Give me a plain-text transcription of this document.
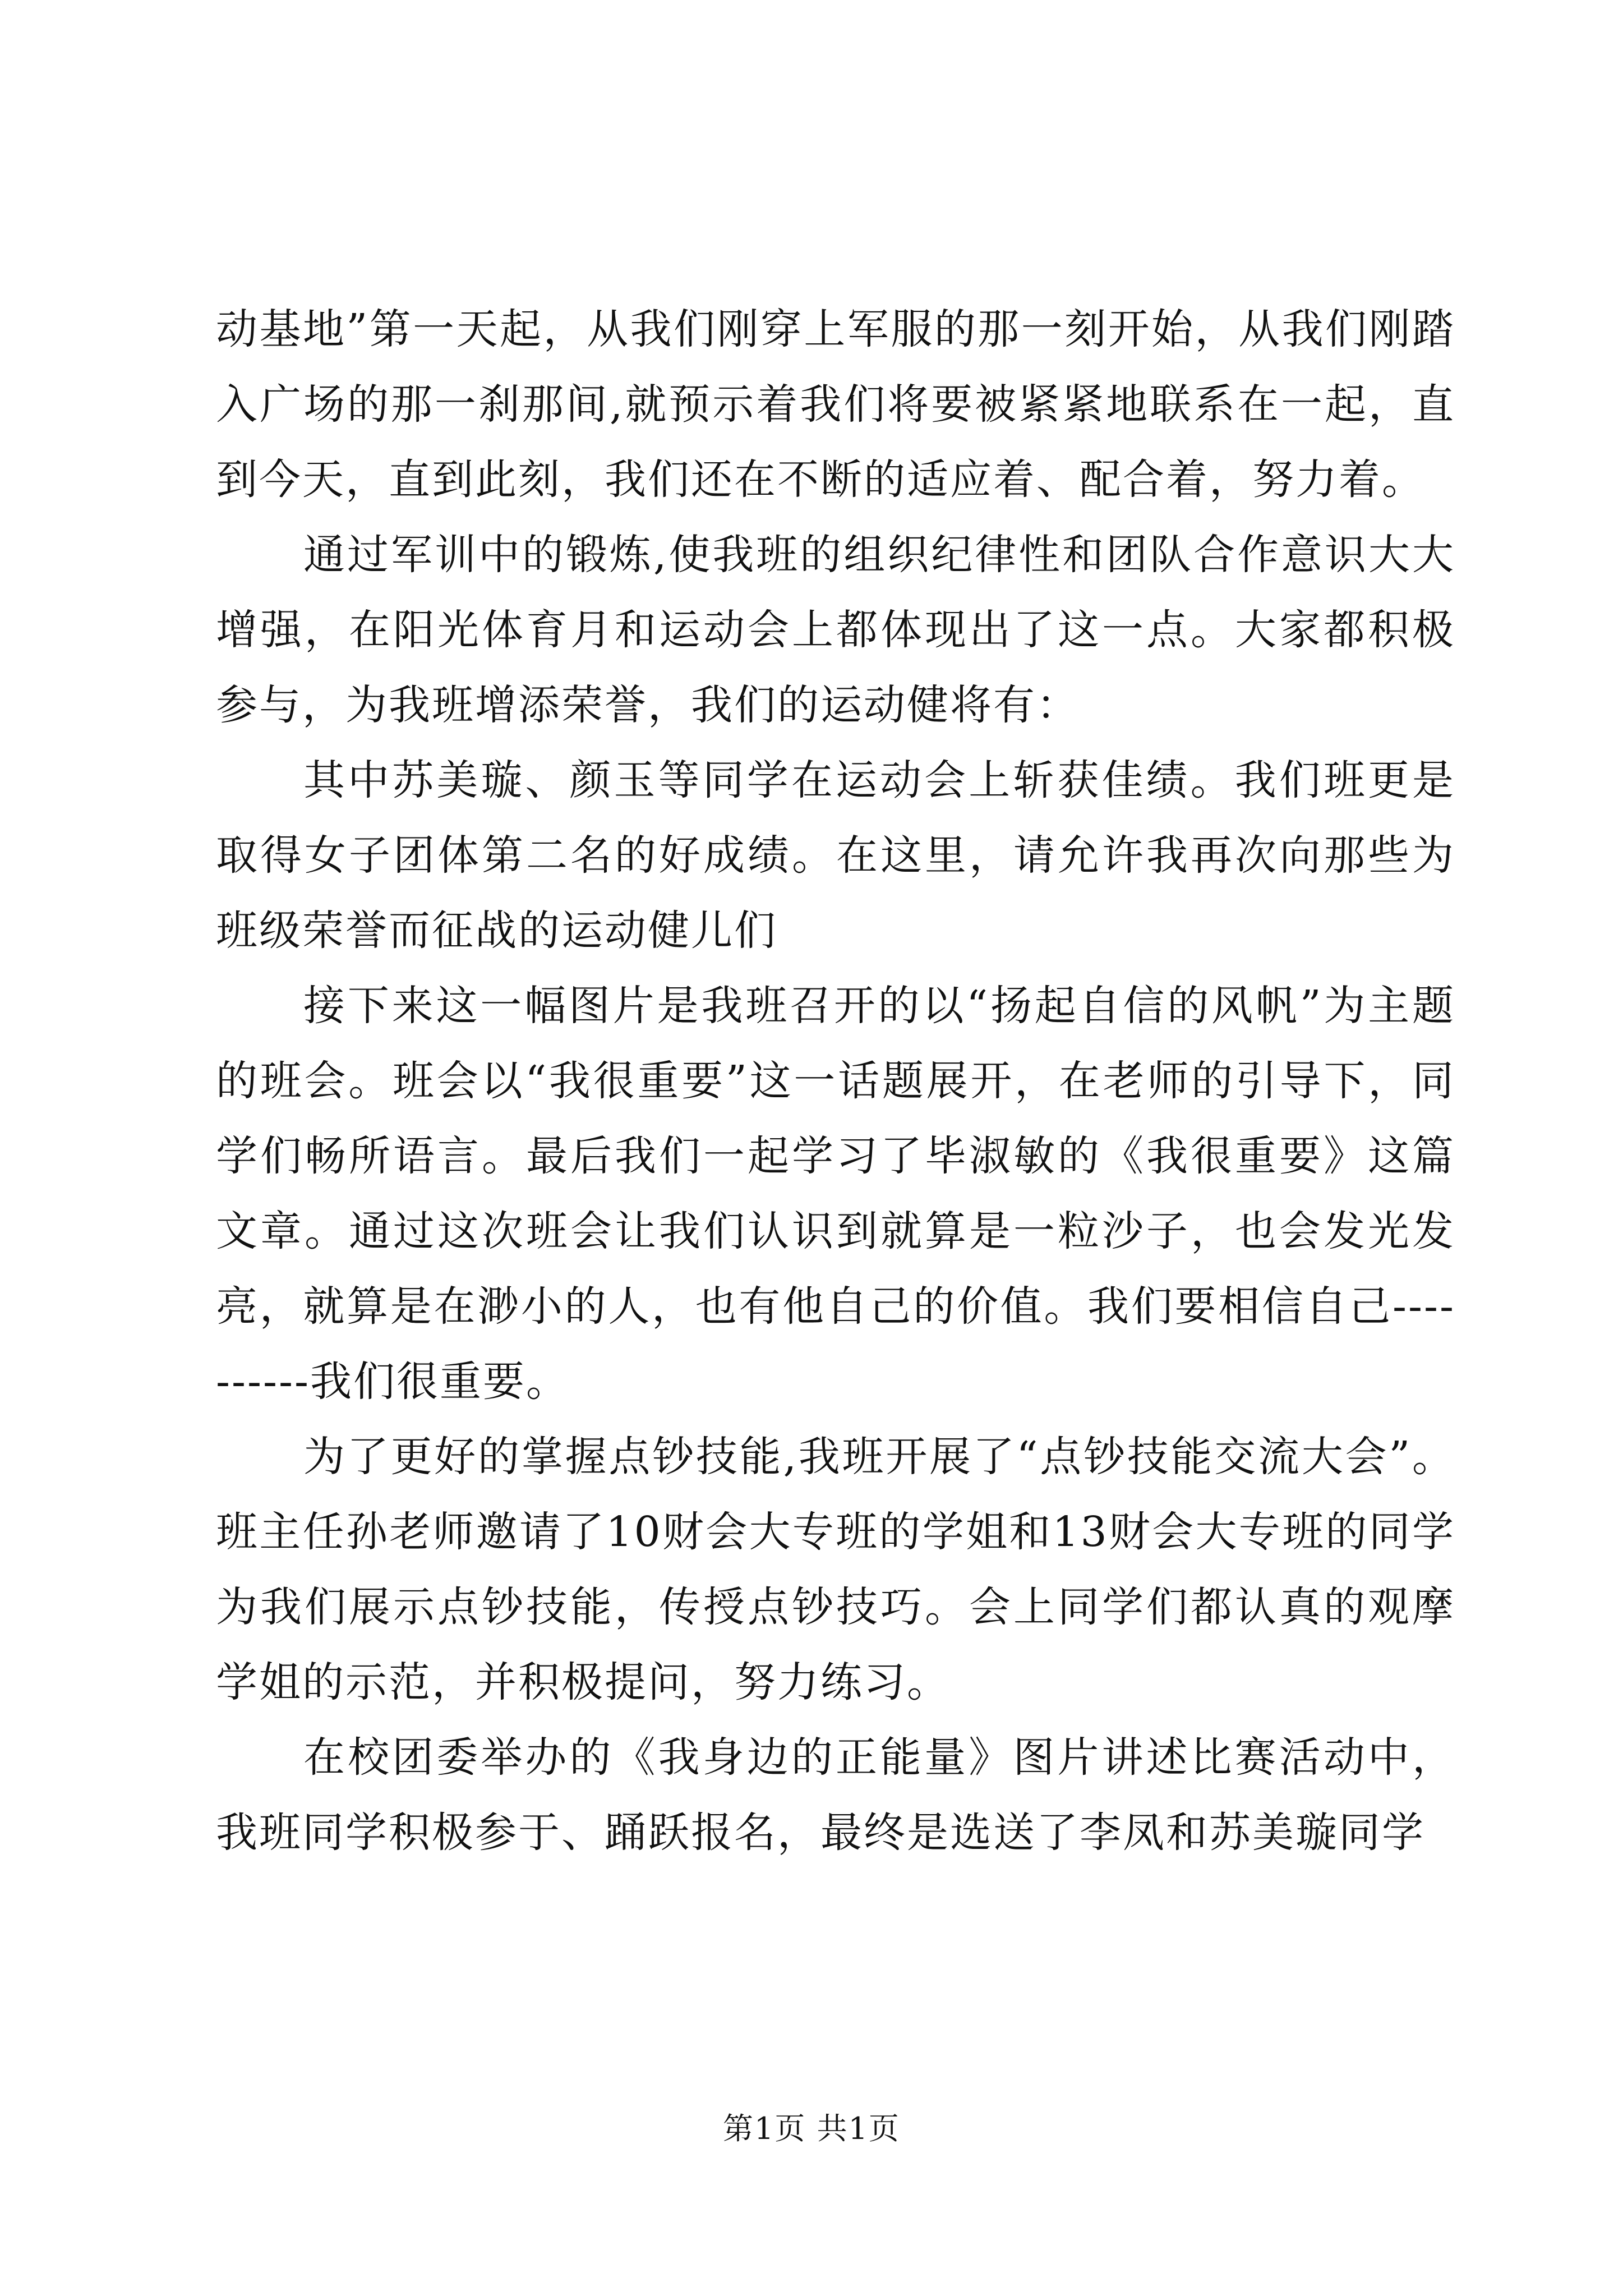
动基地”第一天起，从我们刚穿上军服的那一刻开始，从我们刚踏入广场的那一刹那间,就预示着我们将要被紧紧地联系在一起，直到今天，直到此刻，我们还在不断的适应着、配合着，努力着。

通过军训中的锻炼,使我班的组织纪律性和团队合作意识大大增强，在阳光体育月和运动会上都体现出了这一点。大家都积极参与，为我班增添荣誉，我们的运动健将有：

其中苏美璇、颜玉等同学在运动会上斩获佳绩。我们班更是取得女子团体第二名的好成绩。在这里，请允许我再次向那些为班级荣誉而征战的运动健儿们

接下来这一幅图片是我班召开的以“扬起自信的风帆”为主题的班会。班会以“我很重要”这一话题展开，在老师的引导下，同学们畅所语言。最后我们一起学习了毕淑敏的《我很重要》这篇文章。通过这次班会让我们认识到就算是一粒沙子，也会发光发亮，就算是在渺小的人，也有他自己的价值。我们要相信自己----------我们很重要。

为了更好的掌握点钞技能,我班开展了“点钞技能交流大会”。班主任孙老师邀请了10财会大专班的学姐和13财会大专班的同学为我们展示点钞技能，传授点钞技巧。会上同学们都认真的观摩学姐的示范，并积极提问，努力练习。

在校团委举办的《我身边的正能量》图片讲述比赛活动中，我班同学积极参于、踊跃报名，最终是选送了李凤和苏美璇同学

第1页 共1页
